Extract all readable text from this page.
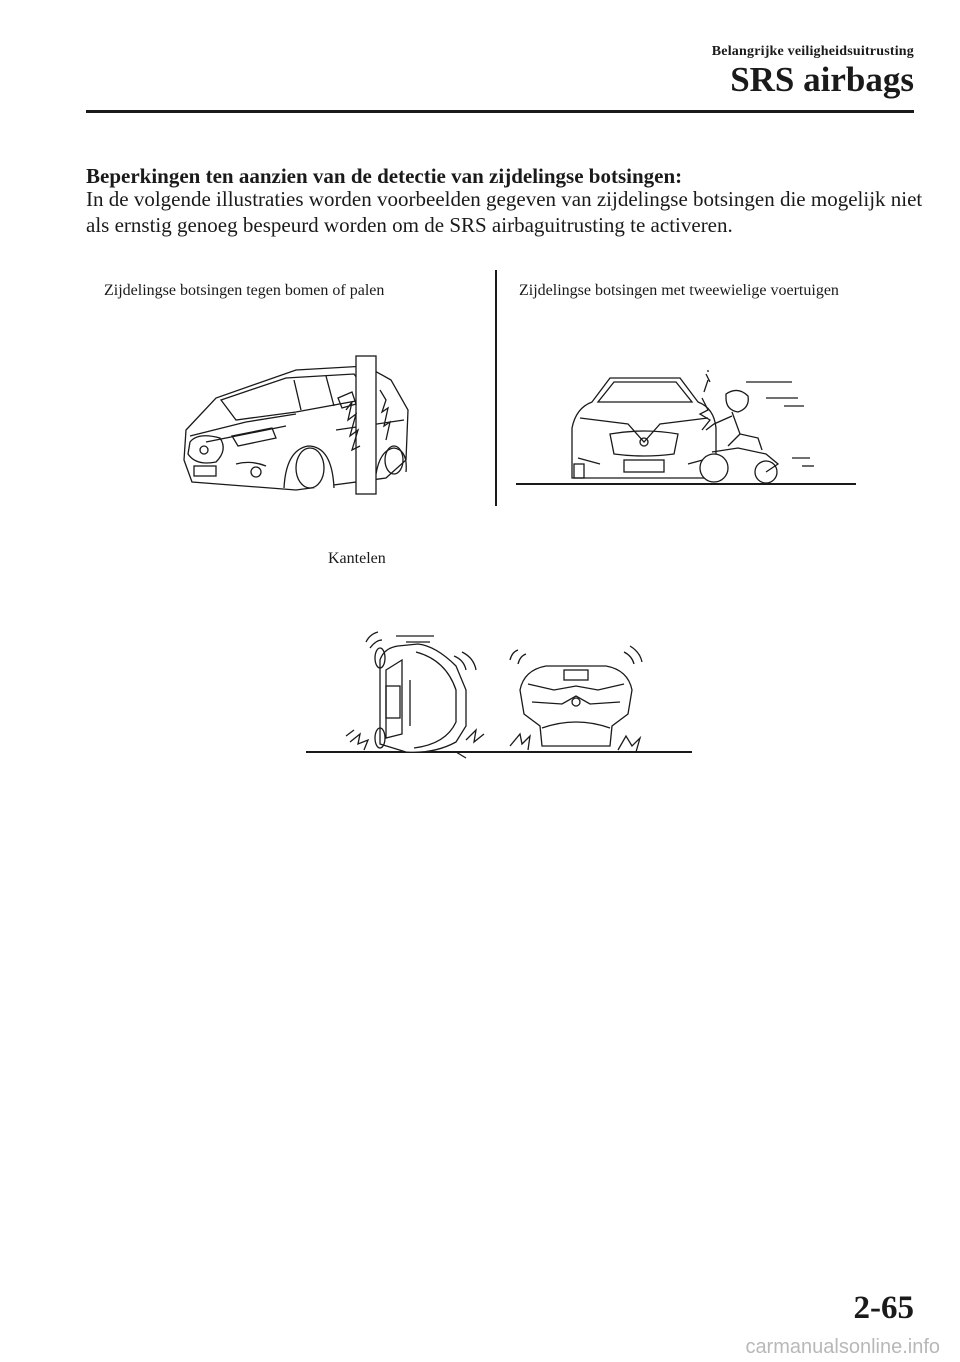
Belangrijke veiligheidsuitrusting
SRS airbags
Beperkingen ten aanzien van de detectie van zijdelingse botsingen:
In de volgende illustraties worden voorbeelden gegeven van zijdelingse botsingen die mogelijk niet als ernstig genoeg bespeurd worden om de SRS airbaguitrusting te activeren.
Zijdelingse botsingen tegen bomen of palen	Zijdelingse botsingen met tweewielige voertuigen
Kantelen
2-65
carmanualsonline.info
